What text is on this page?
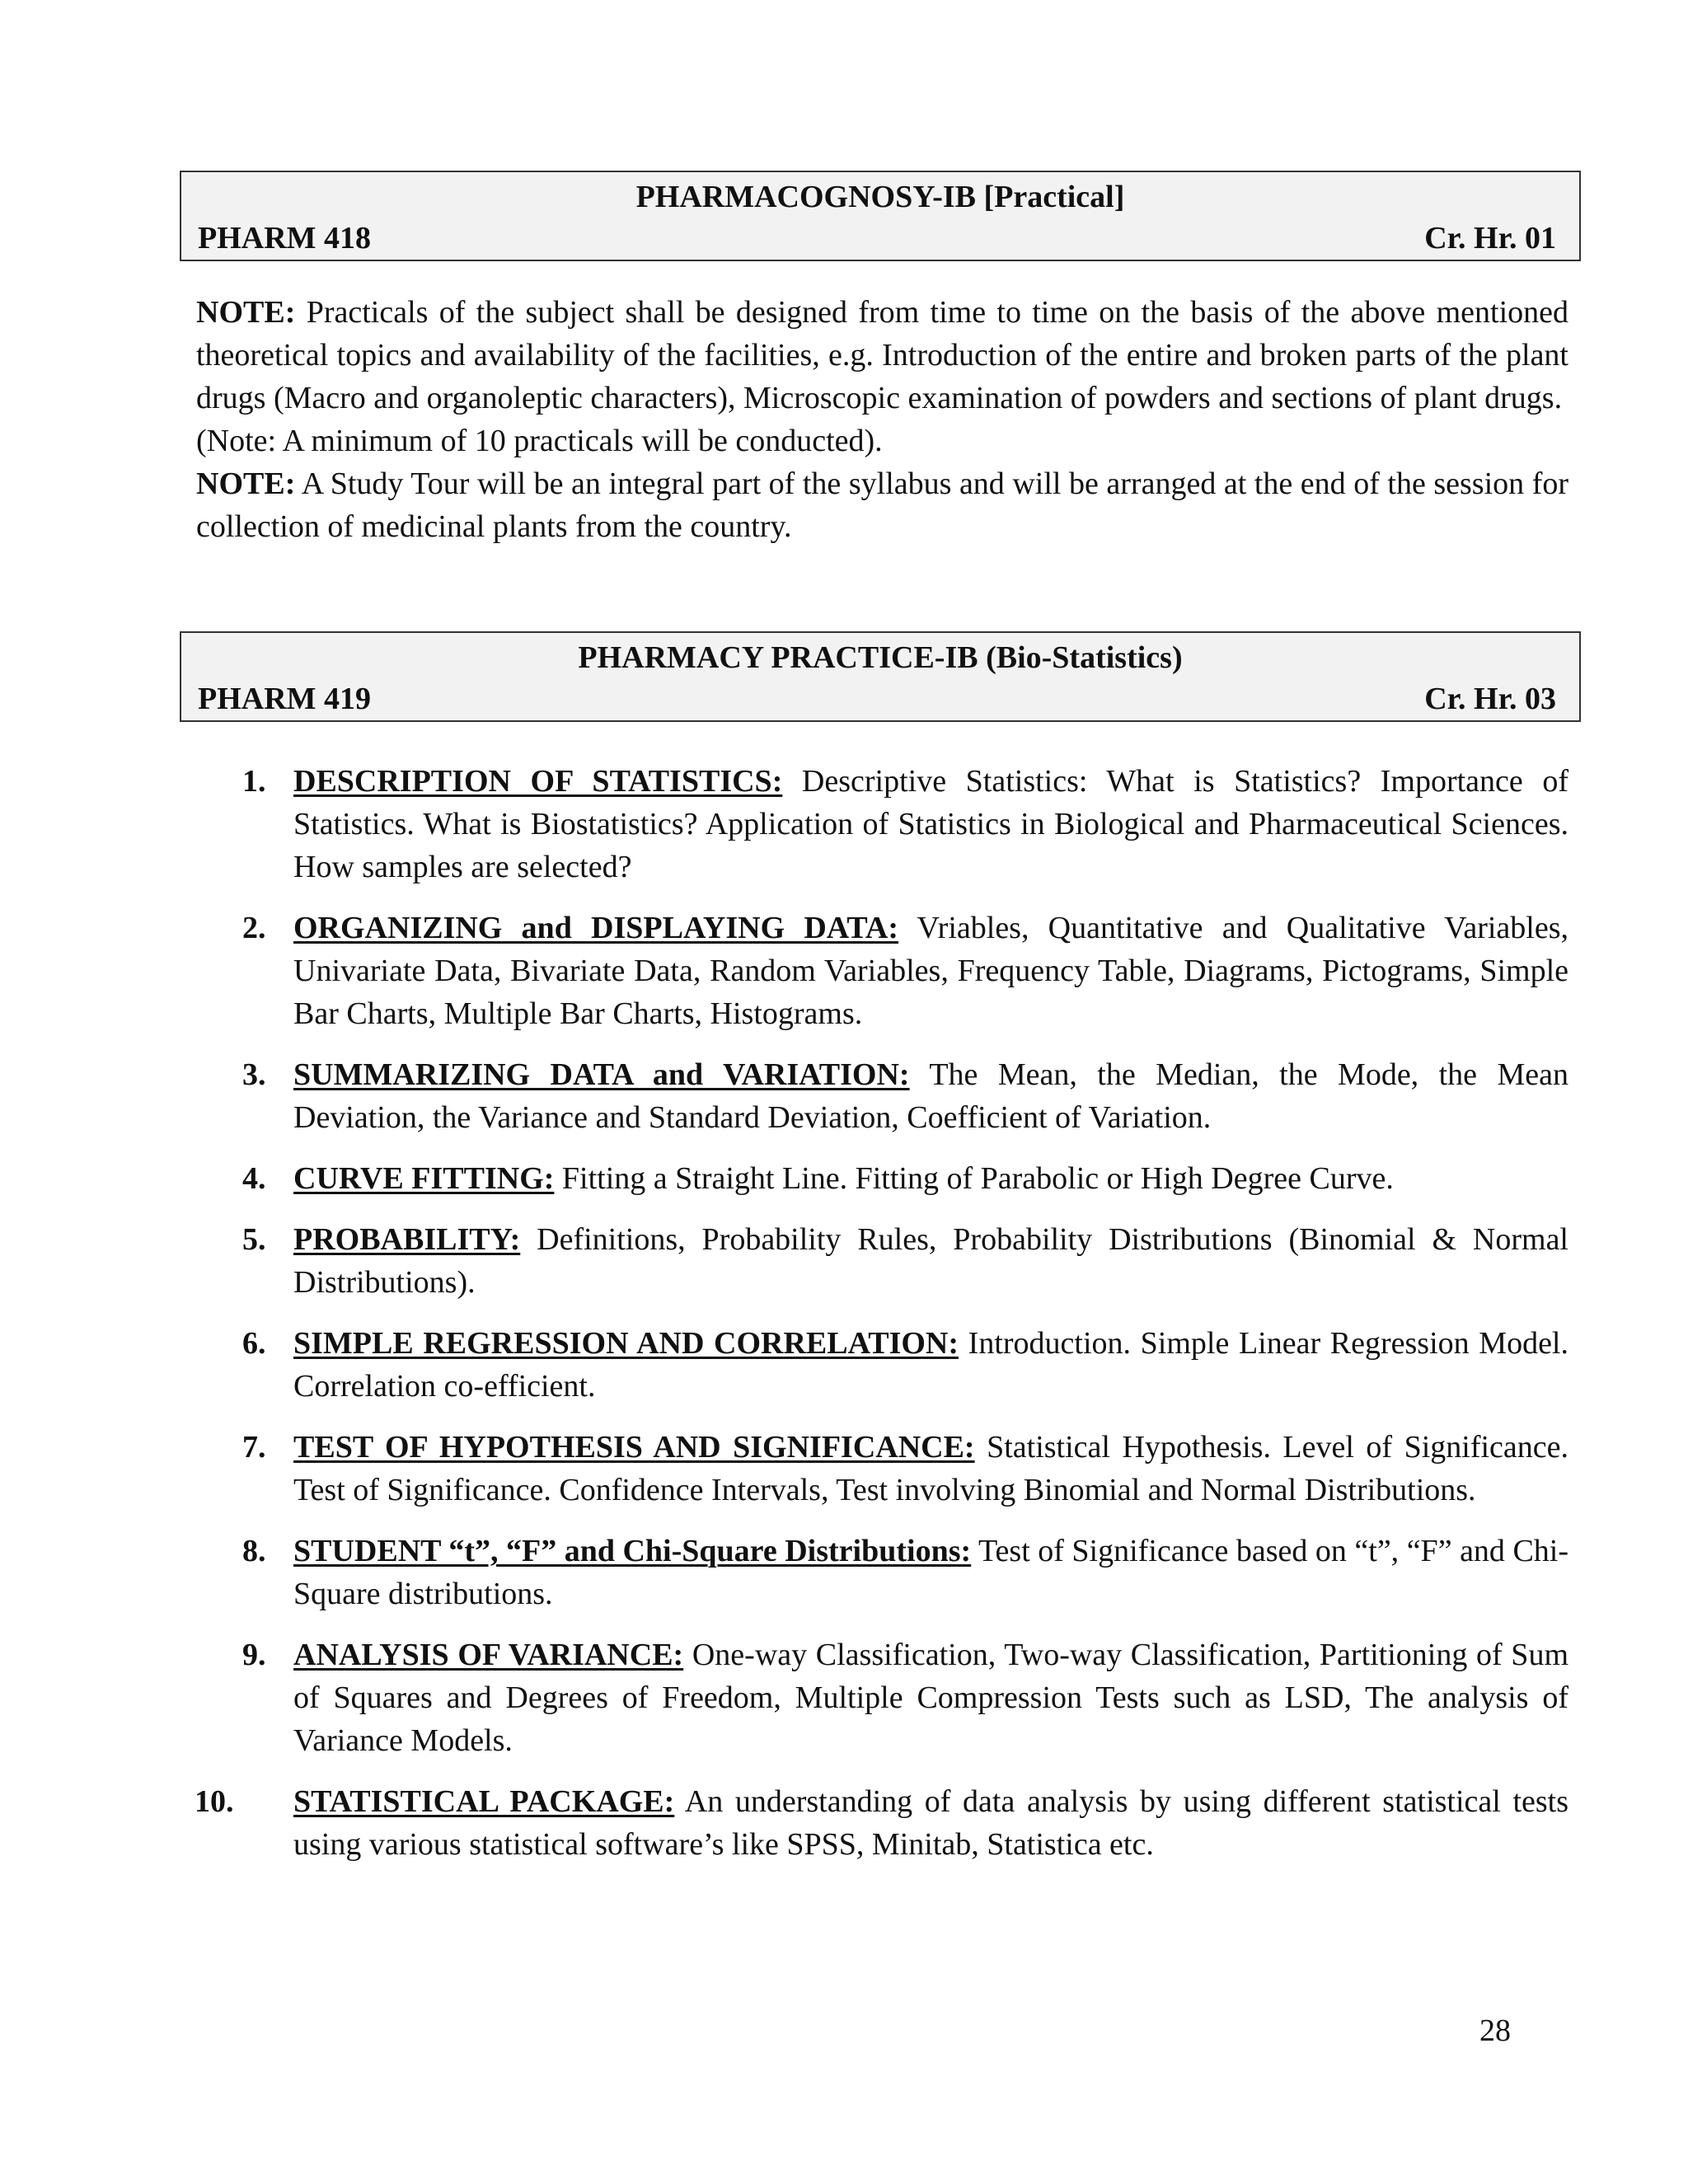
PHARMACOGNOSY-IB [Practical]
PHARM 418	Cr. Hr. 01

NOTE: Practicals of the subject shall be designed from time to time on the basis of the above mentioned theoretical topics and availability of the facilities, e.g. Introduction of the entire and broken parts of the plant drugs (Macro and organoleptic characters), Microscopic examination of powders and sections of plant drugs.

(Note: A minimum of 10 practicals will be conducted).

NOTE: A Study Tour will be an integral part of the syllabus and will be arranged at the end of the session for collection of medicinal plants from the country.

PHARMACY PRACTICE-IB (Bio-Statistics)
PHARM 419	Cr. Hr. 03
1. DESCRIPTION OF STATISTICS: Descriptive Statistics: What is Statistics? Importance of Statistics. What is Biostatistics? Application of Statistics in Biological and Pharmaceutical Sciences. How samples are selected?
2. ORGANIZING and DISPLAYING DATA: Vriables, Quantitative and Qualitative Variables, Univariate Data, Bivariate Data, Random Variables, Frequency Table, Diagrams, Pictograms, Simple Bar Charts, Multiple Bar Charts, Histograms.
3. SUMMARIZING DATA and VARIATION: The Mean, the Median, the Mode, the Mean Deviation, the Variance and Standard Deviation, Coefficient of Variation.
4. CURVE FITTING: Fitting a Straight Line. Fitting of Parabolic or High Degree Curve.
5. PROBABILITY: Definitions, Probability Rules, Probability Distributions (Binomial & Normal Distributions).
6. SIMPLE REGRESSION AND CORRELATION: Introduction. Simple Linear Regression Model. Correlation co-efficient.
7. TEST OF HYPOTHESIS AND SIGNIFICANCE: Statistical Hypothesis. Level of Significance. Test of Significance. Confidence Intervals, Test involving Binomial and Normal Distributions.
8. STUDENT “t”, “F” and Chi-Square Distributions: Test of Significance based on “t”, “F” and Chi-Square distributions.
9. ANALYSIS OF VARIANCE: One-way Classification, Two-way Classification, Partitioning of Sum of Squares and Degrees of Freedom, Multiple Compression Tests such as LSD, The analysis of Variance Models.
10. STATISTICAL PACKAGE: An understanding of data analysis by using different statistical tests using various statistical software’s like SPSS, Minitab, Statistica etc.
28
